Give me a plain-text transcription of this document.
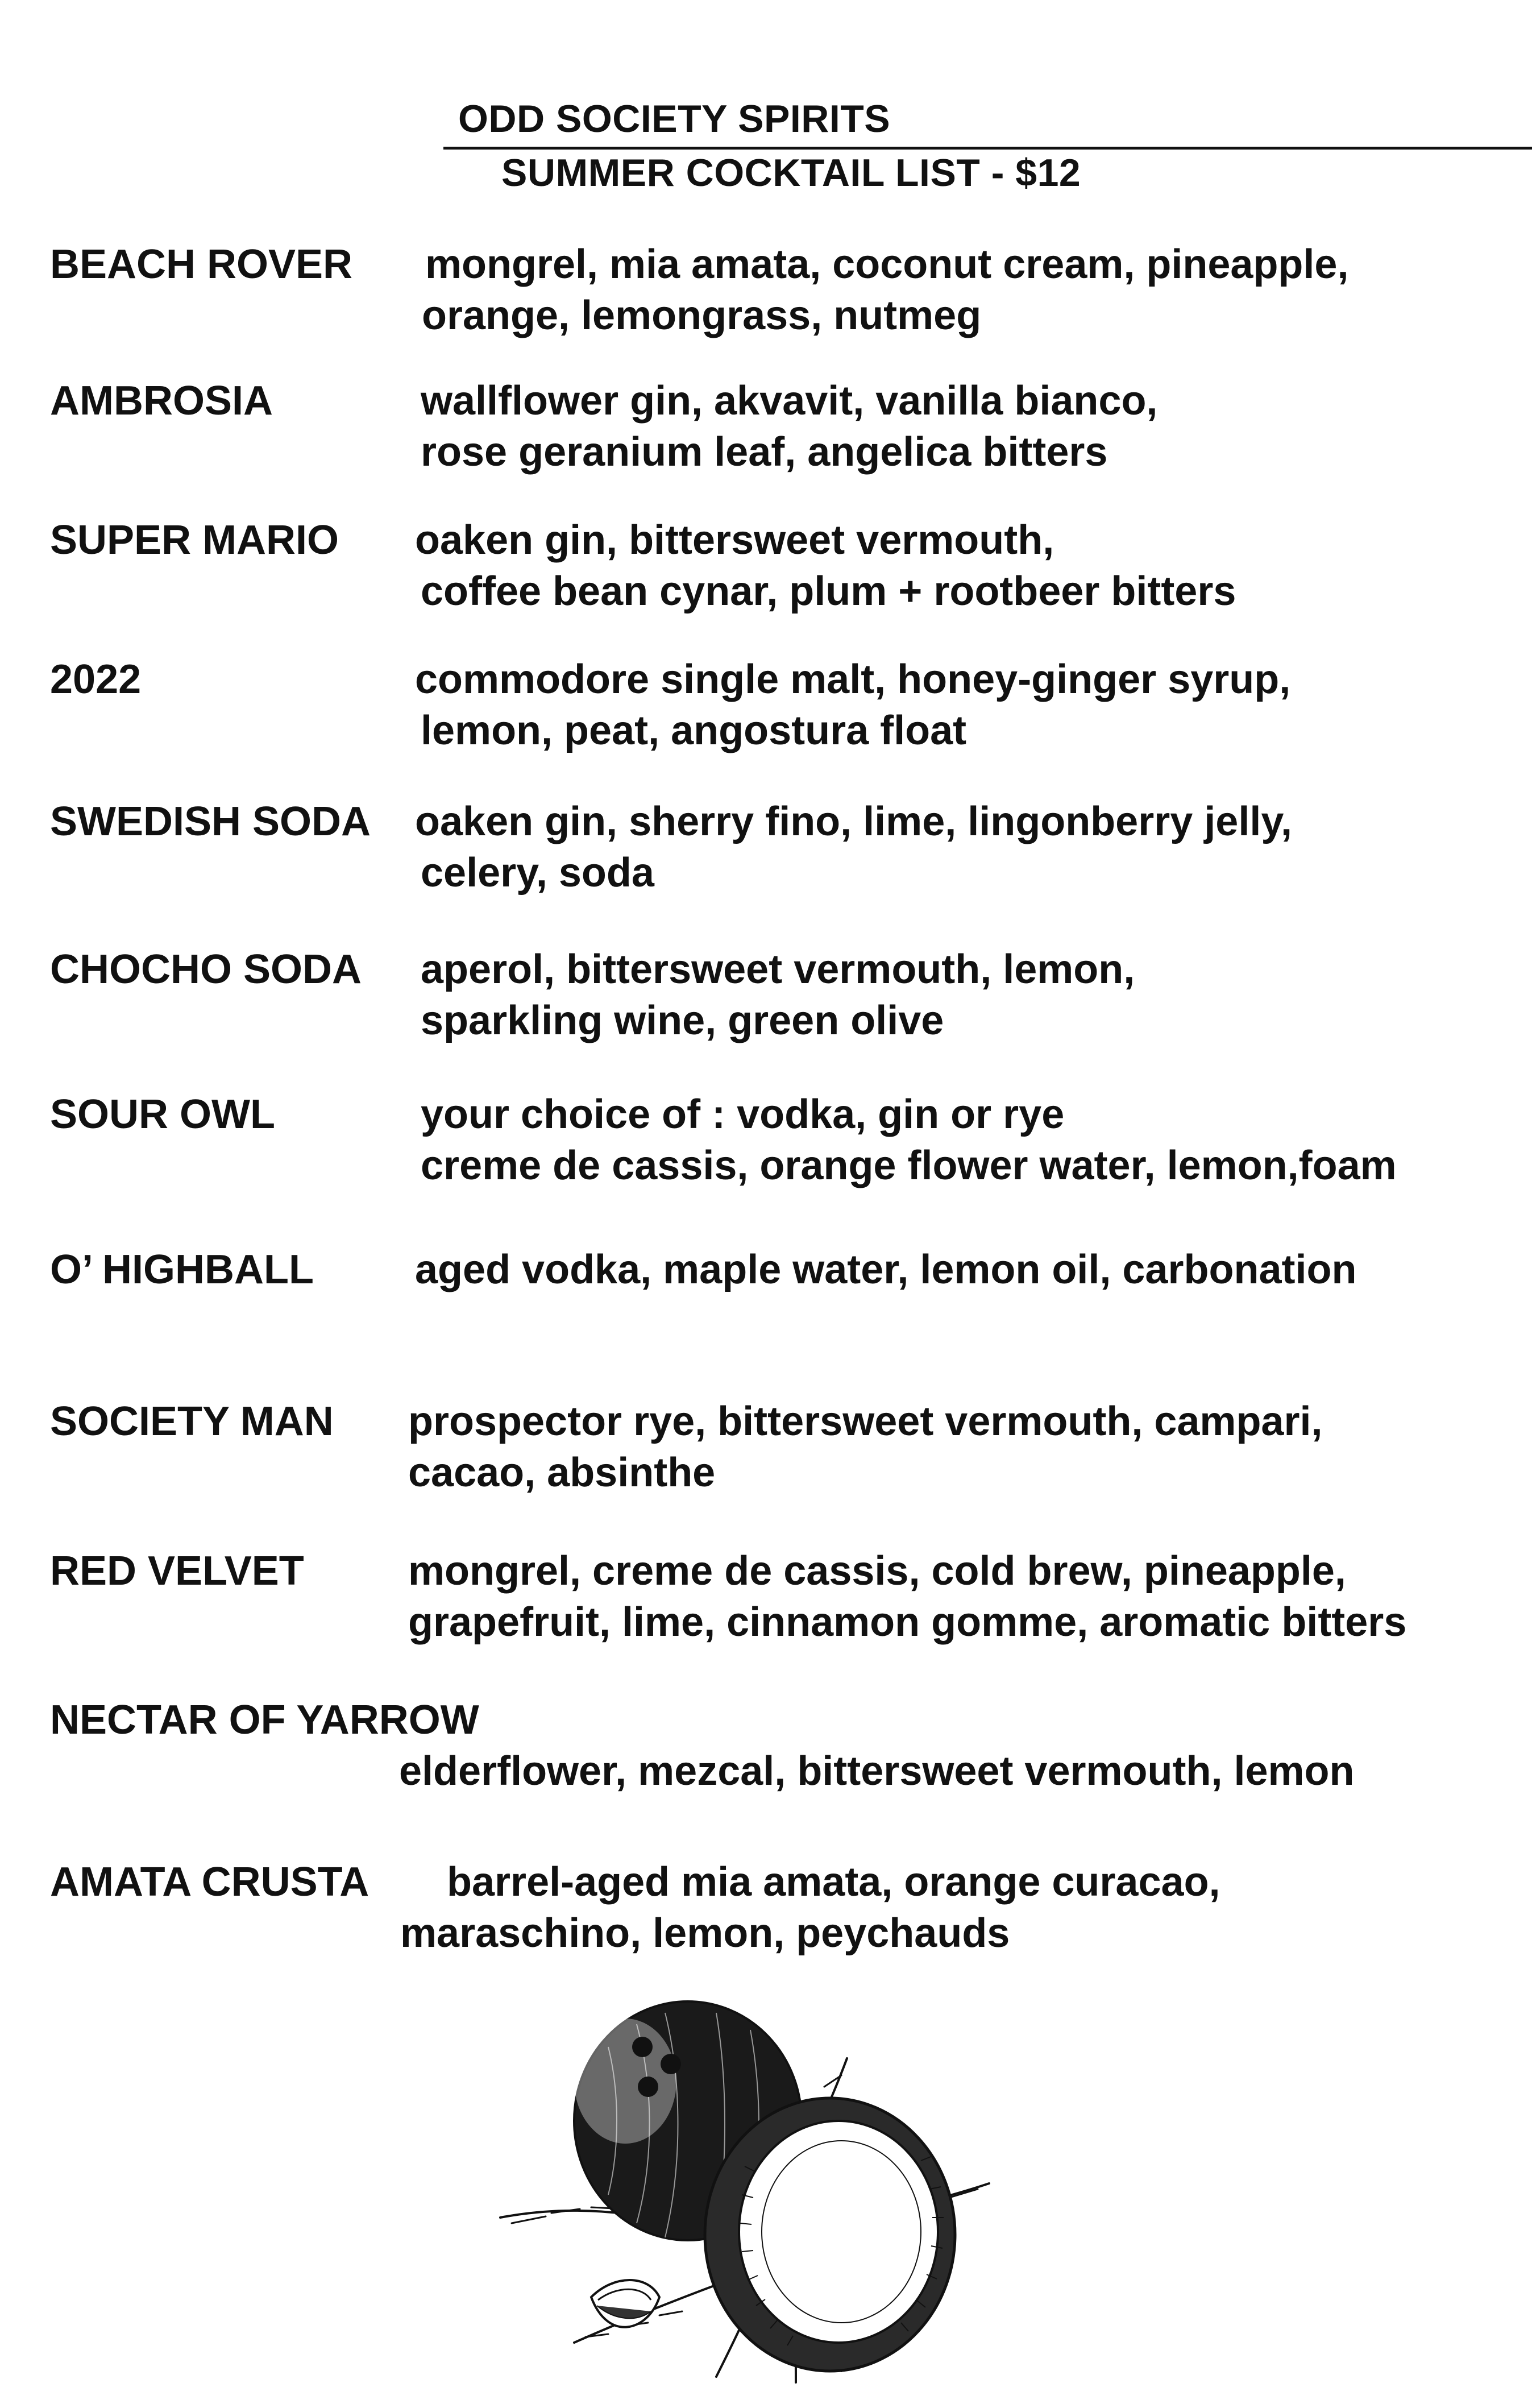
ODD SOCIETY SPIRITS
SUMMER COCKTAIL LIST - $12
BEACH ROVER mongrel, mia amata, coconut cream, pineapple,
orange, lemongrass, nutmeg
AMBROSIA	wallflower gin, akvavit, vanilla bianco,
rose geranium leaf, angelica bitters
SUPER MARIO oaken gin, bittersweet vermouth,
coffee bean cynar, plum + rootbeer bitters
2022	commodore single malt, honey-ginger syrup,
lemon, peat, angostura float
SWEDISH SODA oaken gin, sherry fino, lime, lingonberry jelly,
celery, soda
CHOCHO SODA aperol, bittersweet vermouth, lemon,
sparkling wine, green olive
SOUR OWL	your choice of : vodka, gin or rye
creme de cassis, orange flower water, lemon,foam
O’ HIGHBALL aged vodka, maple water, lemon oil, carbonation
SOCIETY MAN prospector rye, bittersweet vermouth, campari,
cacao, absinthe
RED VELVET	mongrel, creme de cassis, cold brew, pineapple,
grapefruit, lime, cinnamon gomme, aromatic bitters
NECTAR OF YARROW
elderflower, mezcal, bittersweet vermouth, lemon
AMATA CRUSTA barrel-aged mia amata, orange curacao,
maraschino, lemon, peychauds
